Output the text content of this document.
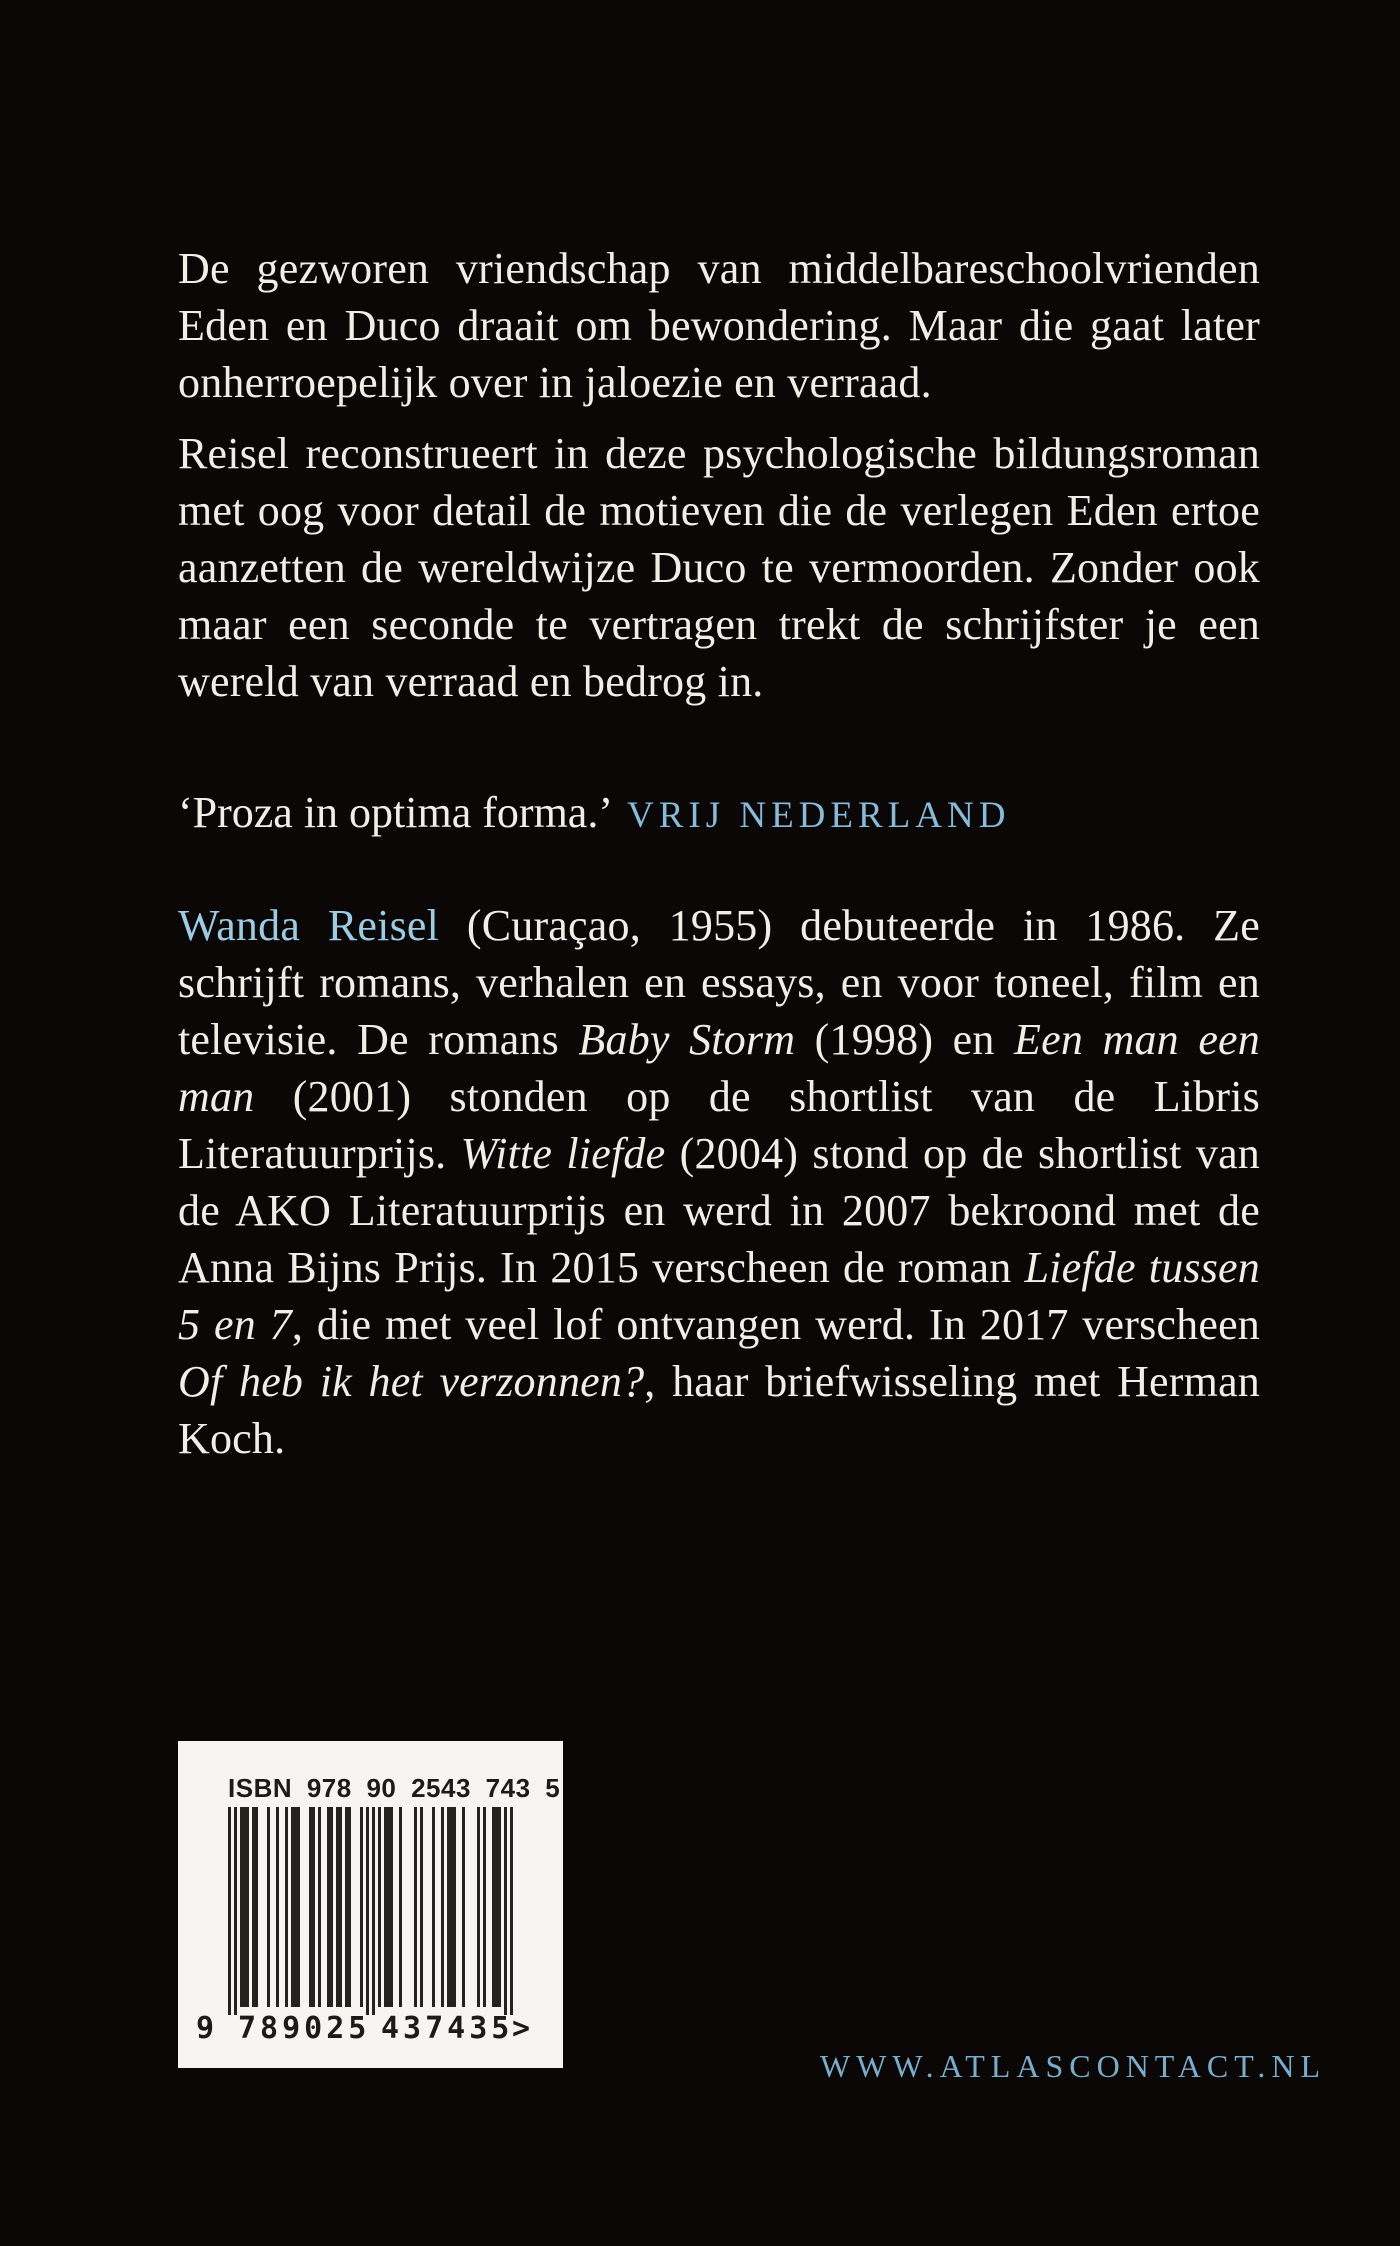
De gezworen vriendschap van middelbareschoolvrienden Eden en Duco draait om bewondering. Maar die gaat later onherroepelijk over in jaloezie en verraad.

Reisel reconstrueert in deze psychologische bildungsroman met oog voor detail de motieven die de verlegen Eden ertoe aanzetten de wereldwijze Duco te vermoorden. Zonder ook maar een seconde te vertragen trekt de schrijfster je een wereld van verraad en bedrog in.

‘Proza in optima forma.’ VRIJ NEDERLAND

Wanda Reisel (Curaçao, 1955) debuteerde in 1986. Ze schrijft romans, verhalen en essays, en voor toneel, film en televisie. De romans Baby Storm (1998) en Een man een man (2001) stonden op de shortlist van de Libris Literatuurprijs. Witte liefde (2004) stond op de shortlist van de AKO Literatuurprijs en werd in 2007 bekroond met de Anna Bijns Prijs. In 2015 verscheen de roman Liefde tussen 5 en 7, die met veel lof ontvangen werd. In 2017 verscheen Of heb ik het verzonnen?, haar briefwisseling met Herman Koch.

ISBN 978 90 2543 743 5
9 789025 437435
>
WWW.ATLASCONTACT.NL
